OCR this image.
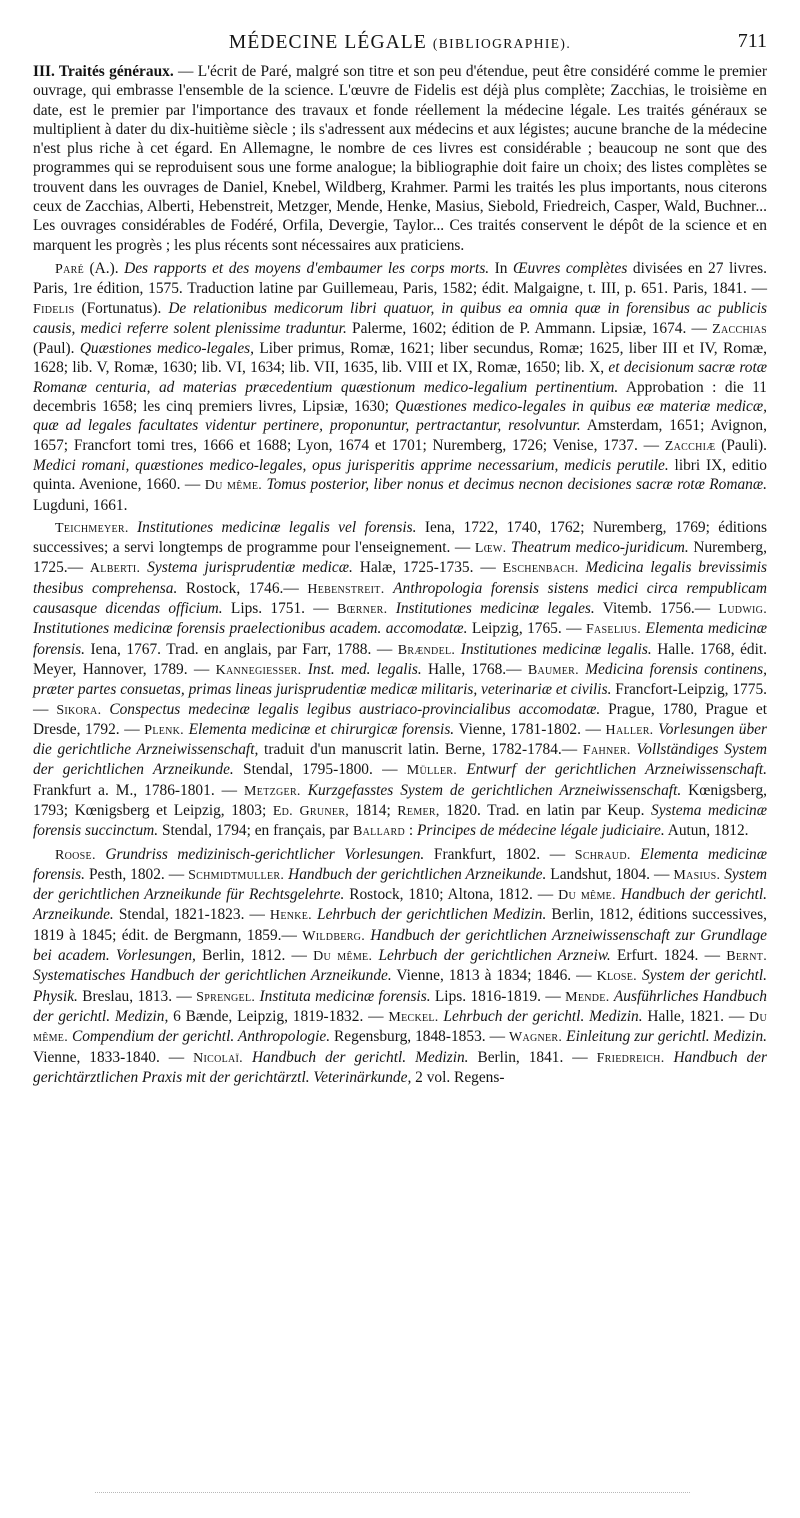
MÉDECINE LÉGALE (BIBLIOGRAPHIE).	711

III. Traités généraux. — L'écrit de Paré, malgré son titre et son peu d'étendue, peut être considéré comme le premier ouvrage, qui embrasse l'ensemble de la science. L'œuvre de Fidelis est déjà plus complète; Zacchias, le troisième en date, est le premier par l'importance des travaux et fonde réellement la médecine légale. Les traités généraux se multiplient à dater du dix-huitième siècle ; ils s'adressent aux médecins et aux légistes; aucune branche de la médecine n'est plus riche à cet égard. En Allemagne, le nombre de ces livres est considérable ; beaucoup ne sont que des programmes qui se reproduisent sous une forme analogue; la bibliographie doit faire un choix; des listes complètes se trouvent dans les ouvrages de Daniel, Knebel, Wildberg, Krahmer. Parmi les traités les plus importants, nous citerons ceux de Zacchias, Alberti, Hebenstreit, Metzger, Mende, Henke, Masius, Siebold, Friedreich, Casper, Wald, Buchner... Les ouvrages considérables de Fodéré, Orfila, Devergie, Taylor... Ces traités conservent le dépôt de la science et en marquent les progrès ; les plus récents sont nécessaires aux praticiens.

Paré (A.). Des rapports et des moyens d'embaumer les corps morts. In Œuvres complètes divisées en 27 livres. Paris, 1re édition, 1575. Traduction latine par Guillemeau, Paris, 1582; édit. Malgaigne, t. III, p. 651. Paris, 1841. — Fidelis (Fortunatus). De relationibus medicorum libri quatuor, in quibus ea omnia quæ in forensibus ac publicis causis, medici referre solent plenissime traduntur. Palerme, 1602; édition de P. Ammann. Lipsiæ, 1674. — Zacchias (Paul). Quæstiones medico-legales, Liber primus, Romæ, 1621; liber secundus, Romæ; 1625, liber III et IV, Romæ, 1628; lib. V, Romæ, 1630; lib. VI, 1634; lib. VII, 1635, lib. VIII et IX, Romæ, 1650; lib. X, et decisionum sacræ rotæ Romanæ centuria, ad materias præcedentium quæstionum medico-legalium pertinentium. Approbation : die 11 decembris 1658; les cinq premiers livres, Lipsiæ, 1630; Quæstiones medico-legales in quibus eæ materiæ medicæ, quæ ad legales facultates videntur pertinere, proponuntur, pertractantur, resolvuntur. Amsterdam, 1651; Avignon, 1657; Francfort tomi tres, 1666 et 1688; Lyon, 1674 et 1701; Nuremberg, 1726; Venise, 1737. — Zacchiæ (Pauli). Medici romani, quæstiones medico-legales, opus jurisperitis apprime necessarium, medicis perutile. libri IX, editio quinta. Avenione, 1660. — Du même. Tomus posterior, liber nonus et decimus necnon decisiones sacræ rotæ Romanæ. Lugduni, 1661.

Teichmeyer. Institutiones medicinæ legalis vel forensis. Iena, 1722, 1740, 1762; Nuremberg, 1769; éditions successives; a servi longtemps de programme pour l'enseignement. — Lœw. Theatrum medico-juridicum. Nuremberg, 1725.— Alberti. Systema jurisprudentiæ medicæ. Halæ, 1725-1735. — Eschenbach. Medicina legalis brevissimis thesibus comprehensa. Rostock, 1746.— Hebenstreit. Anthropologia forensis sistens medici circa rempublicam causasque dicendas officium. Lips. 1751. — Bœrner. Institutiones medicinæ legales. Vitemb. 1756.— Ludwig. Institutiones medicinæ forensis praelectionibus academ. accomodatæ. Leipzig, 1765. — Faselius. Elementa medicinæ forensis. Iena, 1767. Trad. en anglais, par Farr, 1788. — Brændel. Institutiones medicinæ legalis. Halle. 1768, édit. Meyer, Hannover, 1789. — Kannegiesser. Inst. med. legalis. Halle, 1768.— Baumer. Medicina forensis continens, præter partes consuetas, primas lineas jurisprudentiæ medicæ militaris, veterinariæ et civilis. Francfort-Leipzig, 1775.— Sikora. Conspectus medecinæ legalis legibus austriaco-provincialibus accomodatæ. Prague, 1780, Prague et Dresde, 1792. — Plenk. Elementa medicinæ et chirurgicæ forensis. Vienne, 1781-1802. — Haller. Vorlesungen über die gerichtliche Arzneiwissenschaft, traduit d'un manuscrit latin. Berne, 1782-1784.— Fahner. Vollständiges System der gerichtlichen Arzneikunde. Stendal, 1795-1800. — Müller. Entwurf der gerichtlichen Arzneiwissenschaft. Frankfurt a. M., 1786-1801. — Metzger. Kurzgefasstes System de gerichtlichen Arzneiwissenschaft. Kœnigsberg, 1793; Kœnigsberg et Leipzig, 1803; Ed. Gruner, 1814; Remer, 1820. Trad. en latin par Keup. Systema medicinæ forensis succinctum. Stendal, 1794; en français, par Ballard : Principes de médecine légale judiciaire. Autun, 1812.

Roose. Grundriss medizinisch-gerichtlicher Vorlesungen. Frankfurt, 1802. — Schraud. Elementa medicinæ forensis. Pesth, 1802. — Schmidtmuller. Handbuch der gerichtlichen Arzneikunde. Landshut, 1804. — Masius. System der gerichtlichen Arzneikunde für Rechtsgelehrte. Rostock, 1810; Altona, 1812. — Du même. Handbuch der gerichtl. Arzneikunde. Stendal, 1821-1823. — Henke. Lehrbuch der gerichtlichen Medizin. Berlin, 1812, éditions successives, 1819 à 1845; édit. de Bergmann, 1859.— Wildberg. Handbuch der gerichtlichen Arzneiwissenschaft zur Grundlage bei academ. Vorlesungen, Berlin, 1812. — Du même. Lehrbuch der gerichtlichen Arzneiw. Erfurt. 1824. — Bernt. Systematisches Handbuch der gerichtlichen Arzneikunde. Vienne, 1813 à 1834; 1846. — Klose. System der gerichtl. Physik. Breslau, 1813. — Sprengel. Instituta medicinæ forensis. Lips. 1816-1819. — Mende. Ausführliches Handbuch der gerichtl. Medizin, 6 Bænde, Leipzig, 1819-1832. — Meckel. Lehrbuch der gerichtl. Medizin. Halle, 1821. — Du même. Compendium der gerichtl. Anthropologie. Regensburg, 1848-1853. — Wagner. Einleitung zur gerichtl. Medizin. Vienne, 1833-1840. — Nicolaï. Handbuch der gerichtl. Medizin. Berlin, 1841. — Friedreich. Handbuch der gerichtärztlichen Praxis mit der gerichtärztl. Veterinärkunde, 2 vol. Regens-
